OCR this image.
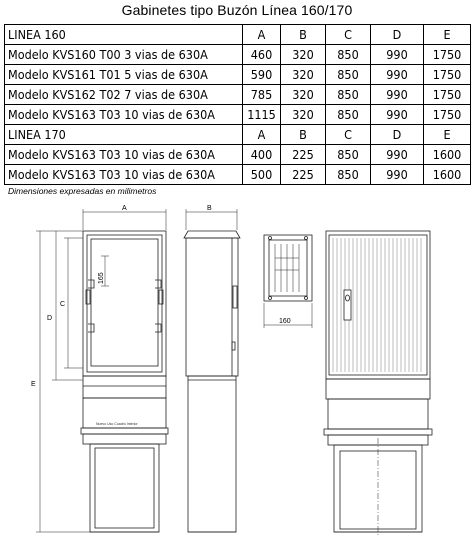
Gabinetes tipo Buzón Línea 160/170
LINEA 160	A	B	C	D	E
Modelo KVS160 T00 3 vias de 630A	460	320	850	990	1750
Modelo KVS161 T01 5 vias de 630A	590	320	850	990	1750
Modelo KVS162 T02 7 vias de 630A	785	320	850	990	1750
Modelo KVS163 T03 10 vias de 630A	1115	320	850	990	1750
LINEA 170	A	B	C	D	E
Modelo KVS163 T03 10 vias de 630A	400	225	850	990	1600
Modelo KVS163 T03 10 vias de 630A	500	225	850	990	1600
Dimensiones expresadas en milimetros
A
Nuevo Uso Cuadro Interior
165
C
D
E
B
160
